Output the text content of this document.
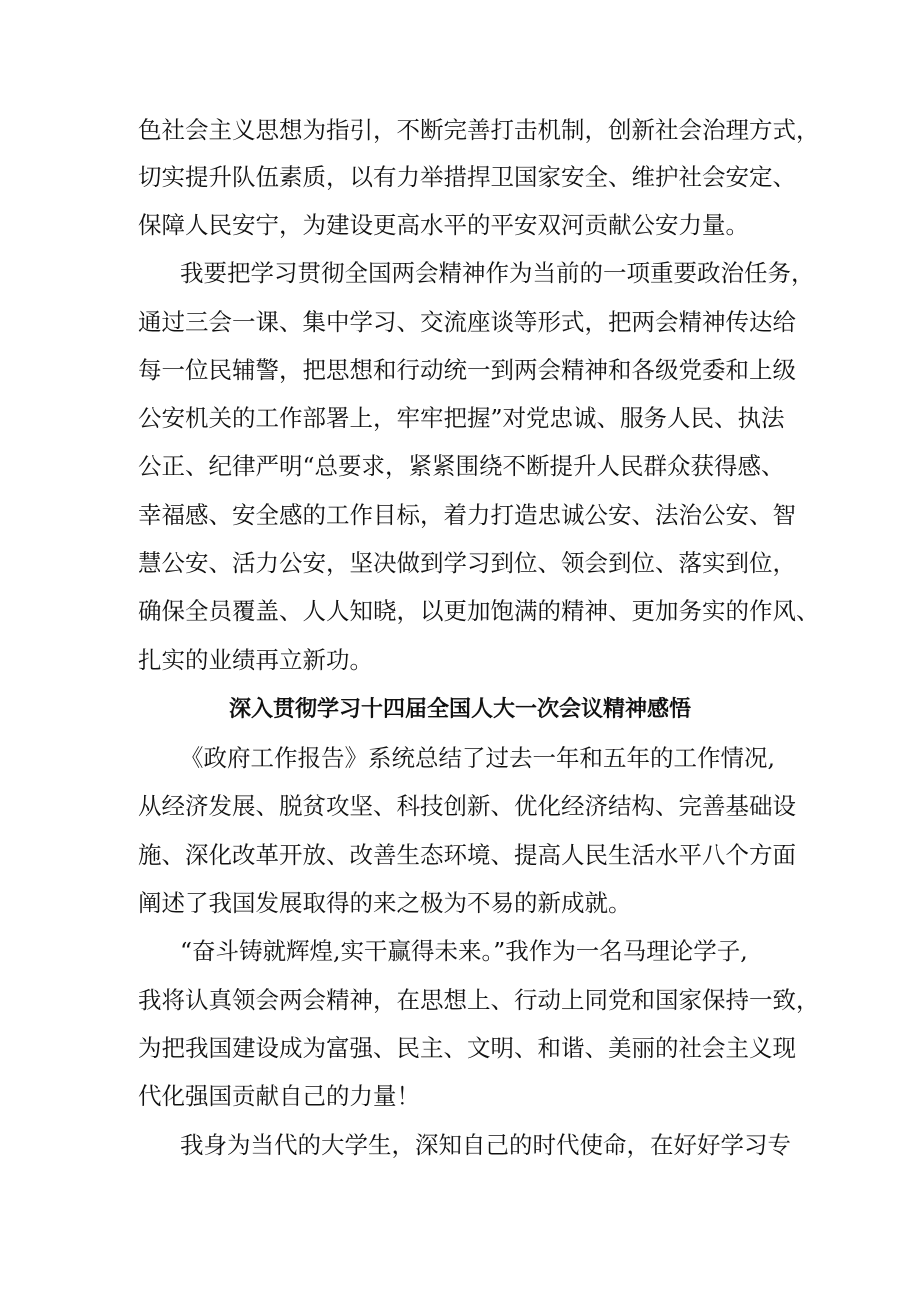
色社会主义思想为指引，不断完善打击机制，创新社会治理方式，
切实提升队伍素质，以有力举措捍卫国家安全、维护社会安定、
保障人民安宁，为建设更高水平的平安双河贡献公安力量。
我要把学习贯彻全国两会精神作为当前的一项重要政治任务，
通过三会一课、集中学习、交流座谈等形式，把两会精神传达给
每一位民辅警，把思想和行动统一到两会精神和各级党委和上级
公安机关的工作部署上，牢牢把握”对党忠诚、服务人民、执法
公正、纪律严明“总要求，紧紧围绕不断提升人民群众获得感、
幸福感、安全感的工作目标，着力打造忠诚公安、法治公安、智
慧公安、活力公安，坚决做到学习到位、领会到位、落实到位，
确保全员覆盖、人人知晓，以更加饱满的精神、更加务实的作风、
扎实的业绩再立新功。
深入贯彻学习十四届全国人大一次会议精神感悟
《政府工作报告》系统总结了过去一年和五年的工作情况,
从经济发展、脱贫攻坚、科技创新、优化经济结构、完善基础设
施、深化改革开放、改善生态环境、提高人民生活水平八个方面
阐述了我国发展取得的来之极为不易的新成就。
“奋斗铸就辉煌,实干赢得未来。”我作为一名马理论学子,
我将认真领会两会精神，在思想上、行动上同党和国家保持一致，
为把我国建设成为富强、民主、文明、和谐、美丽的社会主义现
代化强国贡献自己的力量！
我身为当代的大学生，深知自己的时代使命，在好好学习专
